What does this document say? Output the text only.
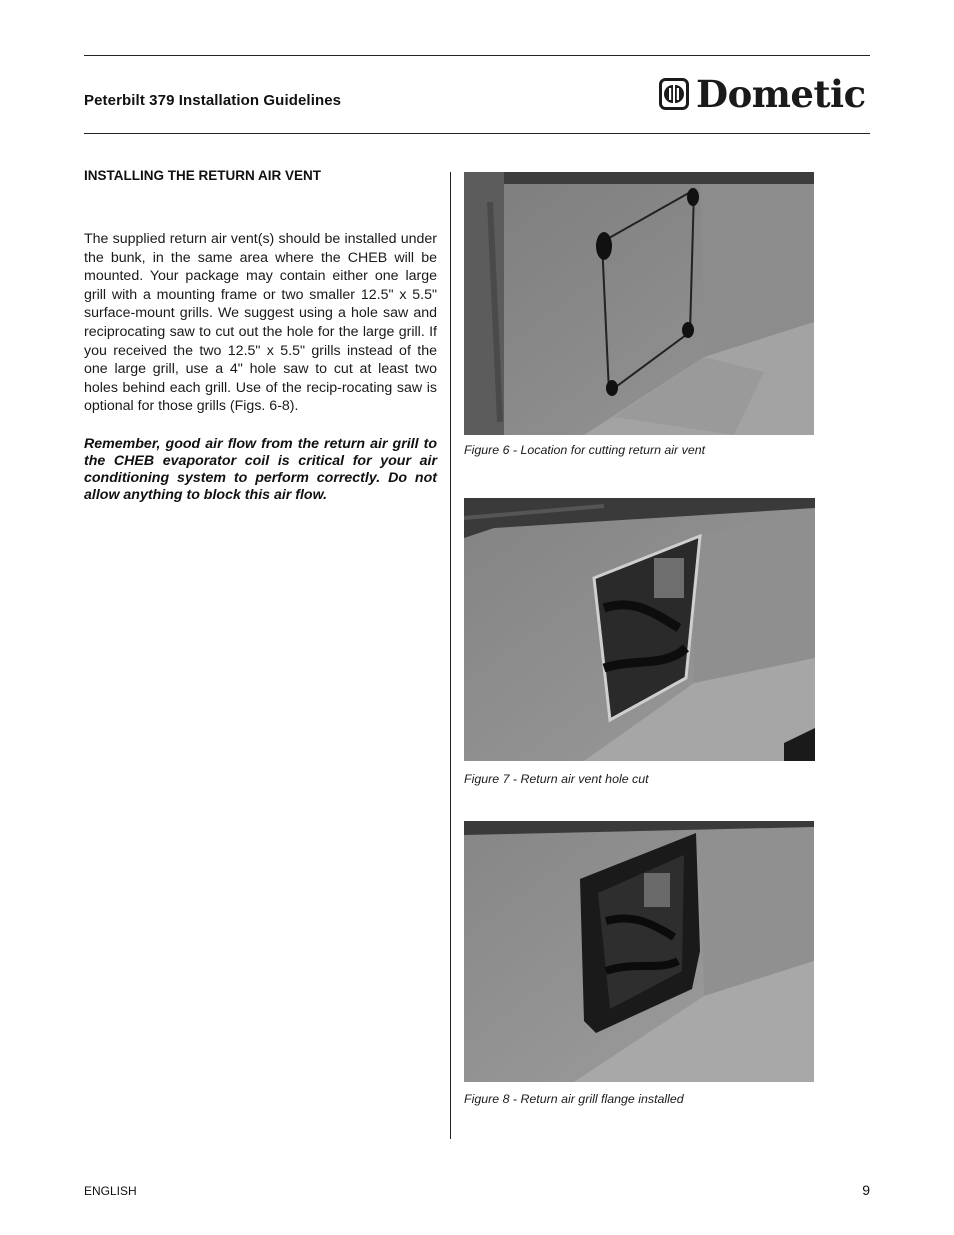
Peterbilt 379 Installation Guidelines	Dometic
INSTALLING THE RETURN AIR VENT

The supplied return air vent(s) should be installed under the bunk, in the same area where the CHEB will be mounted. Your package may contain either one large grill with a mounting frame or two smaller 12.5" x 5.5" surface-mount grills. We suggest using a hole saw and reciprocating saw to cut out the hole for the large grill. If you received the two 12.5" x 5.5" grills instead of the one large grill, use a 4" hole saw to cut at least two holes behind each grill. Use of the recip-rocating saw is optional for those grills (Figs. 6-8).

Remember, good air flow from the return air grill to the CHEB evaporator coil is critical for your air conditioning system to perform correctly. Do not allow anything to block this air flow.

Figure 6 - Location for cutting return air vent
Figure 7 - Return air vent hole cut
Figure 8 - Return air grill flange installed
ENGLISH	9
